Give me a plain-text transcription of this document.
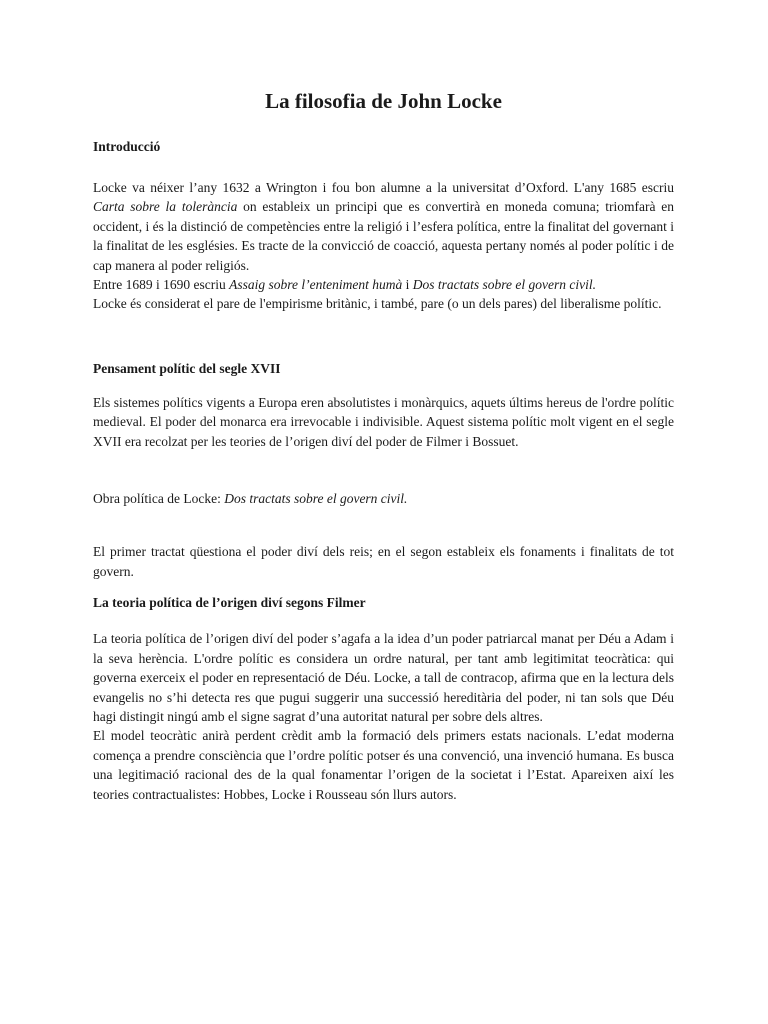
La filosofia de John Locke
Introducció

Locke va néixer l’any 1632 a Wrington i fou bon alumne a la universitat d’Oxford. L'any 1685 escriu Carta sobre la tolerància on estableix un principi que es convertirà en moneda comuna; triomfarà en occident, i és la distinció de competències entre la religió i l’esfera política, entre la finalitat del governant i la finalitat de les esglésies. Es tracte de la convicció de coacció, aquesta pertany només al poder polític i de cap manera al poder religiós.

Entre 1689 i 1690 escriu Assaig sobre l’enteniment humà i Dos tractats sobre el govern civil.

Locke és considerat el pare de l'empirisme britànic, i també, pare (o un dels pares) del liberalisme polític.

Pensament polític del segle XVII

Els sistemes polítics vigents a Europa eren absolutistes i monàrquics, aquets últims hereus de l'ordre polític medieval. El poder del monarca era irrevocable i indivisible. Aquest sistema polític molt vigent en el segle XVII era recolzat per les teories de l’origen diví del poder de Filmer i Bossuet.

Obra política de Locke: Dos tractats sobre el govern civil.

El primer tractat qüestiona el poder diví dels reis; en el segon estableix els fonaments i finalitats de tot govern.

La teoria política de l’origen diví segons Filmer

La teoria política de l’origen diví del poder s’agafa a la idea d’un poder patriarcal manat per Déu a Adam i la seva herència. L'ordre polític es considera un ordre natural, per tant amb legitimitat teocràtica: qui governa exerceix el poder en representació de Déu. Locke, a tall de contracop, afirma que en la lectura dels evangelis no s’hi detecta res que pugui suggerir una successió hereditària del poder, ni tan sols que Déu hagi distingit ningú amb el signe sagrat d’una autoritat natural per sobre dels altres.

El model teocràtic anirà perdent crèdit amb la formació dels primers estats nacionals. L’edat moderna comença a prendre consciència que l’ordre polític potser és una convenció, una invenció humana. Es busca una legitimació racional des de la qual fonamentar l’origen de la societat i l’Estat. Apareixen així les teories contractualistes: Hobbes, Locke i Rousseau són llurs autors.
